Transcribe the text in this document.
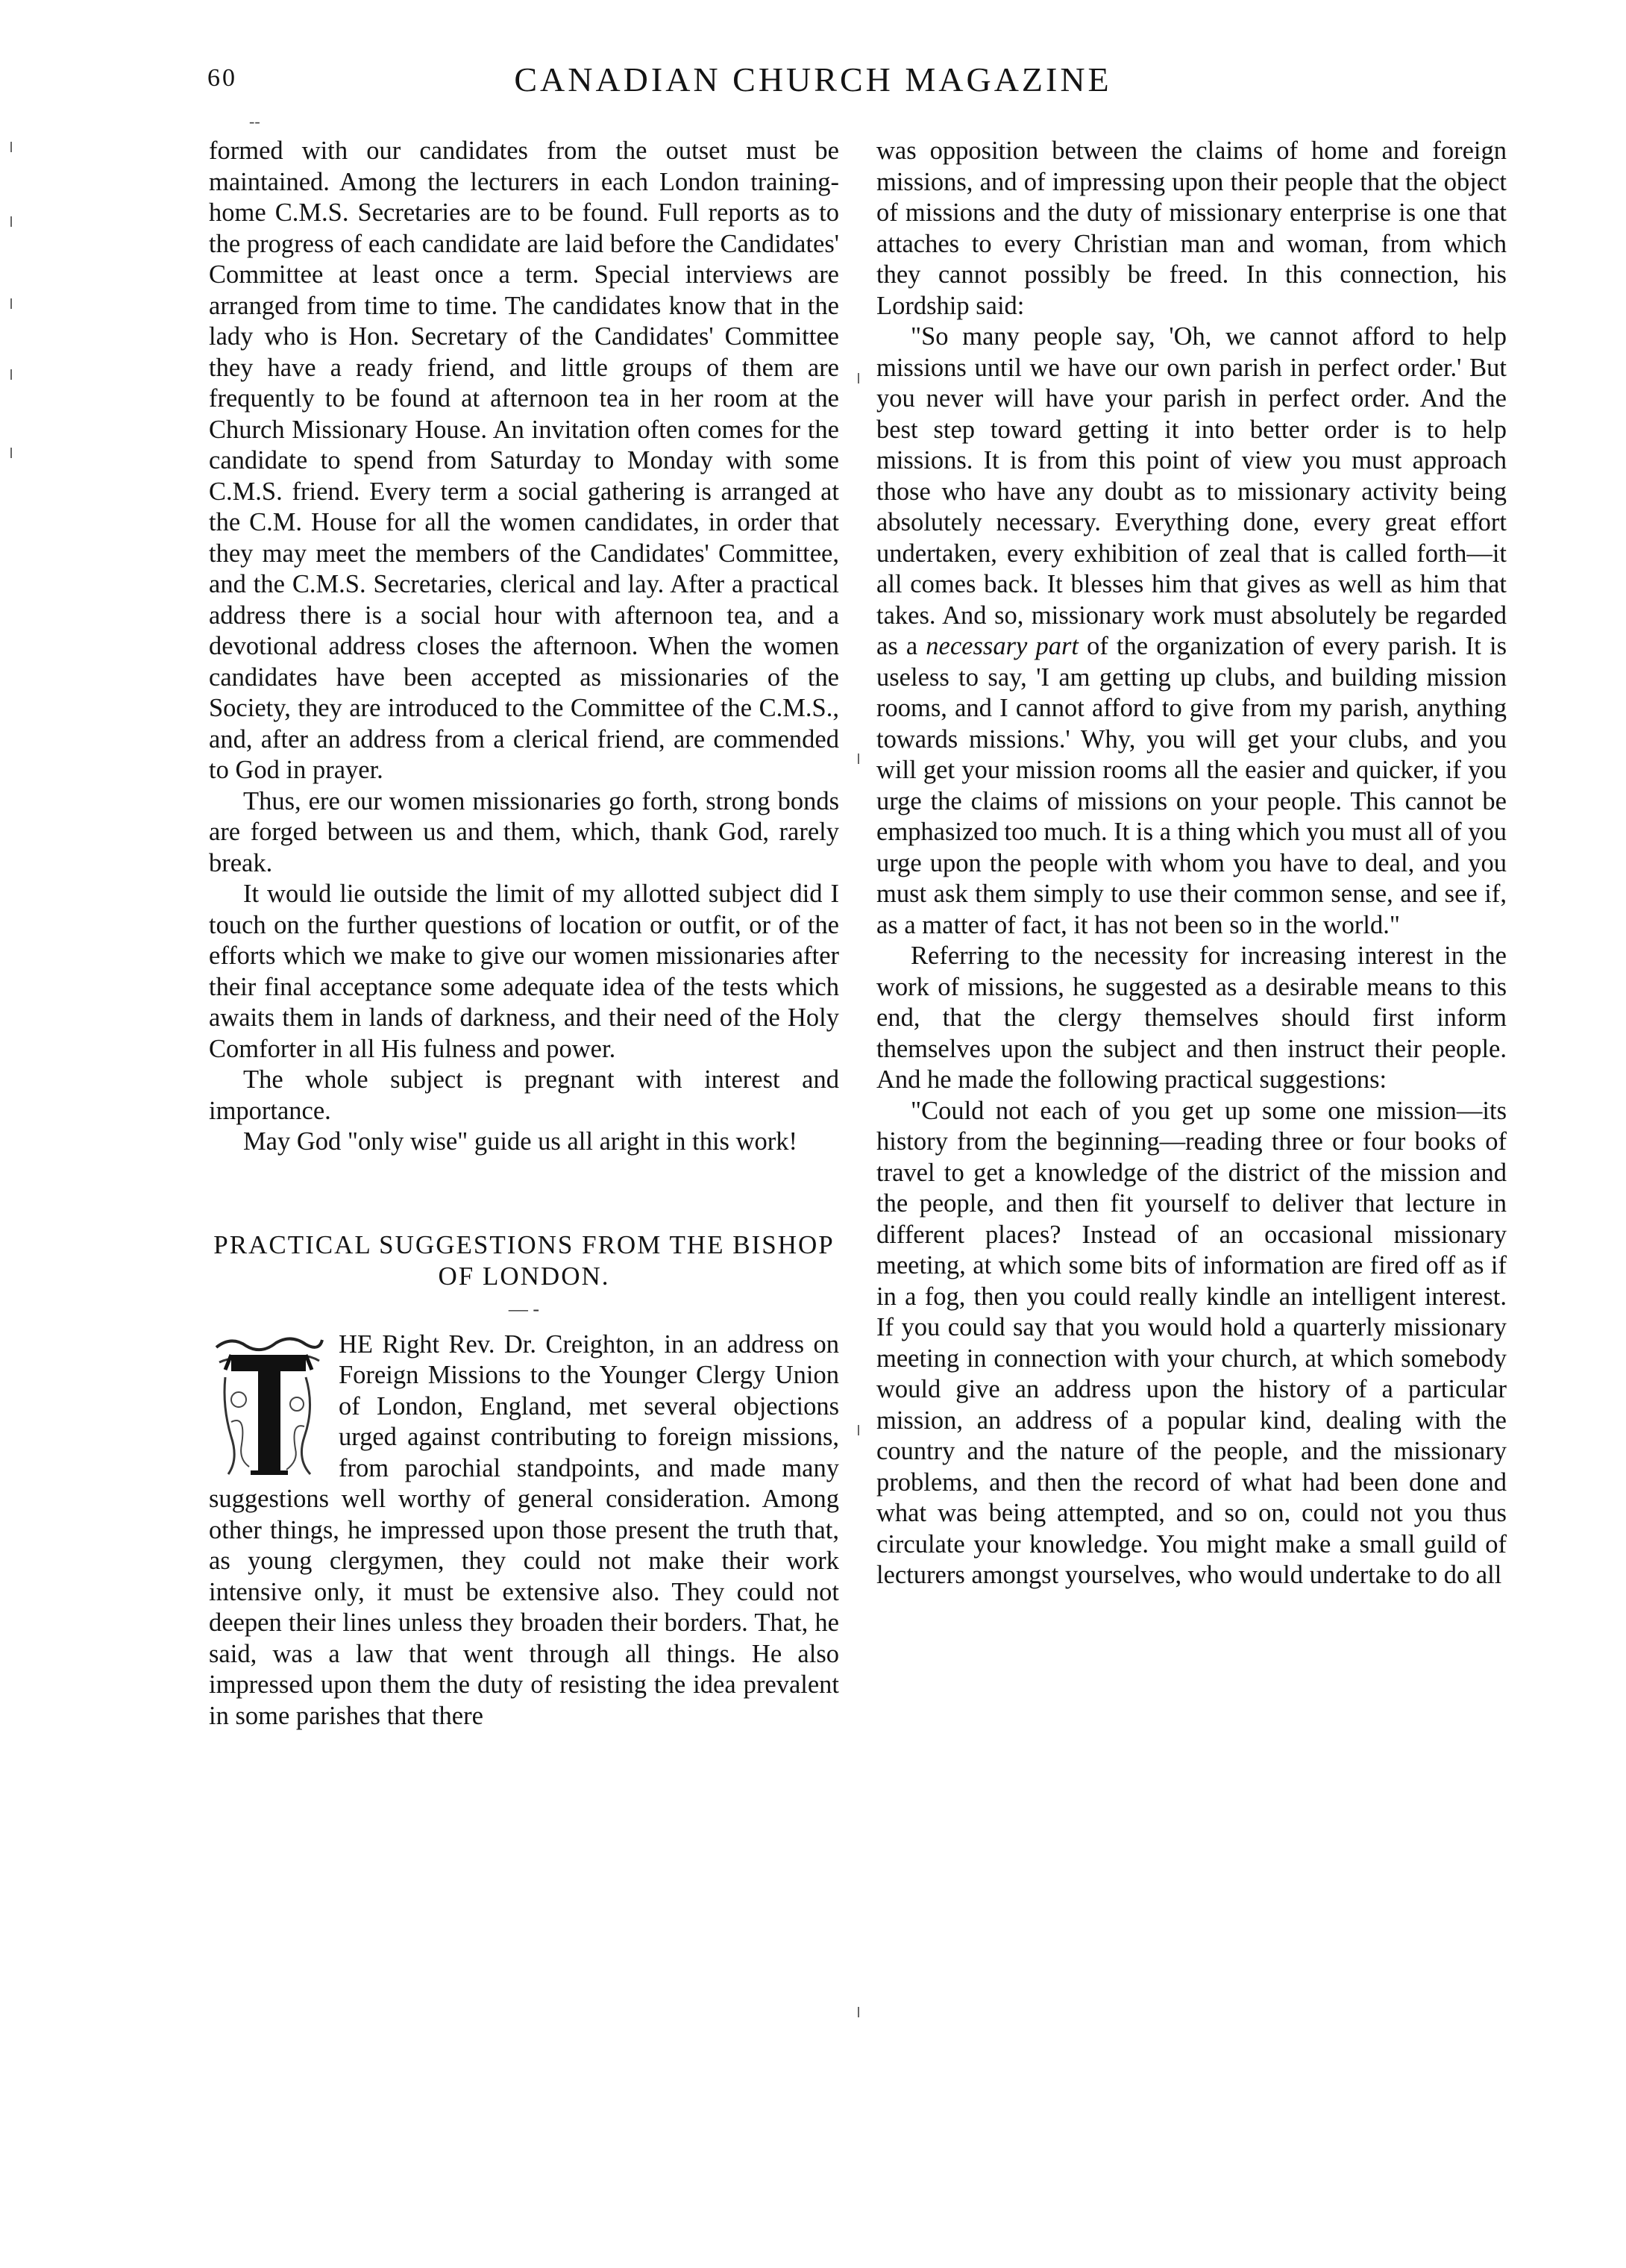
60	CANADIAN CHURCH MAGAZINE
--

formed with our candidates from the outset must be maintained. Among the lecturers in each London training-home C.M.S. Secretaries are to be found. Full reports as to the progress of each candidate are laid before the Candidates' Committee at least once a term. Special interviews are arranged from time to time. The candidates know that in the lady who is Hon. Secretary of the Candidates' Committee they have a ready friend, and little groups of them are frequently to be found at afternoon tea in her room at the Church Missionary House. An invitation often comes for the candidate to spend from Saturday to Monday with some C.M.S. friend. Every term a social gathering is arranged at the C.M. House for all the women candidates, in order that they may meet the members of the Candidates' Committee, and the C.M.S. Secretaries, clerical and lay. After a practical address there is a social hour with afternoon tea, and a devotional address closes the afternoon. When the women candidates have been accepted as missionaries of the Society, they are introduced to the Committee of the C.M.S., and, after an address from a clerical friend, are commended to God in prayer.

Thus, ere our women missionaries go forth, strong bonds are forged between us and them, which, thank God, rarely break.

It would lie outside the limit of my allotted subject did I touch on the further questions of location or outfit, or of the efforts which we make to give our women missionaries after their final acceptance some adequate idea of the tests which awaits them in lands of darkness, and their need of the Holy Comforter in all His fulness and power.

The whole subject is pregnant with interest and importance.

May God "only wise" guide us all aright in this work!

PRACTICAL SUGGESTIONS FROM THE BISHOP OF LONDON.
— -

HE Right Rev. Dr. Creighton, in an address on Foreign Missions to the Younger Clergy Union of London, England, met several objections urged against contributing to foreign missions, from parochial standpoints, and made many suggestions well worthy of general consideration. Among other things, he impressed upon those present the truth that, as young clergymen, they could not make their work intensive only, it must be extensive also. They could not deepen their lines unless they broaden their borders. That, he said, was a law that went through all things. He also impressed upon them the duty of resisting the idea prevalent in some parishes that there

was opposition between the claims of home and foreign missions, and of impressing upon their people that the object of missions and the duty of missionary enterprise is one that attaches to every Christian man and woman, from which they cannot possibly be freed. In this connection, his Lordship said:

"So many people say, 'Oh, we cannot afford to help missions until we have our own parish in perfect order.' But you never will have your parish in perfect order. And the best step toward getting it into better order is to help missions. It is from this point of view you must approach those who have any doubt as to missionary activity being absolutely necessary. Everything done, every great effort undertaken, every exhibition of zeal that is called forth—it all comes back. It blesses him that gives as well as him that takes. And so, missionary work must absolutely be regarded as a necessary part of the organization of every parish. It is useless to say, 'I am getting up clubs, and building mission rooms, and I cannot afford to give from my parish, anything towards missions.' Why, you will get your clubs, and you will get your mission rooms all the easier and quicker, if you urge the claims of missions on your people. This cannot be emphasized too much. It is a thing which you must all of you urge upon the people with whom you have to deal, and you must ask them simply to use their common sense, and see if, as a matter of fact, it has not been so in the world."

Referring to the necessity for increasing interest in the work of missions, he suggested as a desirable means to this end, that the clergy themselves should first inform themselves upon the subject and then instruct their people. And he made the following practical suggestions:

"Could not each of you get up some one mission—its history from the beginning—reading three or four books of travel to get a knowledge of the district of the mission and the people, and then fit yourself to deliver that lecture in different places? Instead of an occasional missionary meeting, at which some bits of information are fired off as if in a fog, then you could really kindle an intelligent interest. If you could say that you would hold a quarterly missionary meeting in connection with your church, at which somebody would give an address upon the history of a particular mission, an address of a popular kind, dealing with the country and the nature of the people, and the missionary problems, and then the record of what had been done and what was being attempted, and so on, could not you thus circulate your knowledge. You might make a small guild of lecturers amongst yourselves, who would undertake to do all
